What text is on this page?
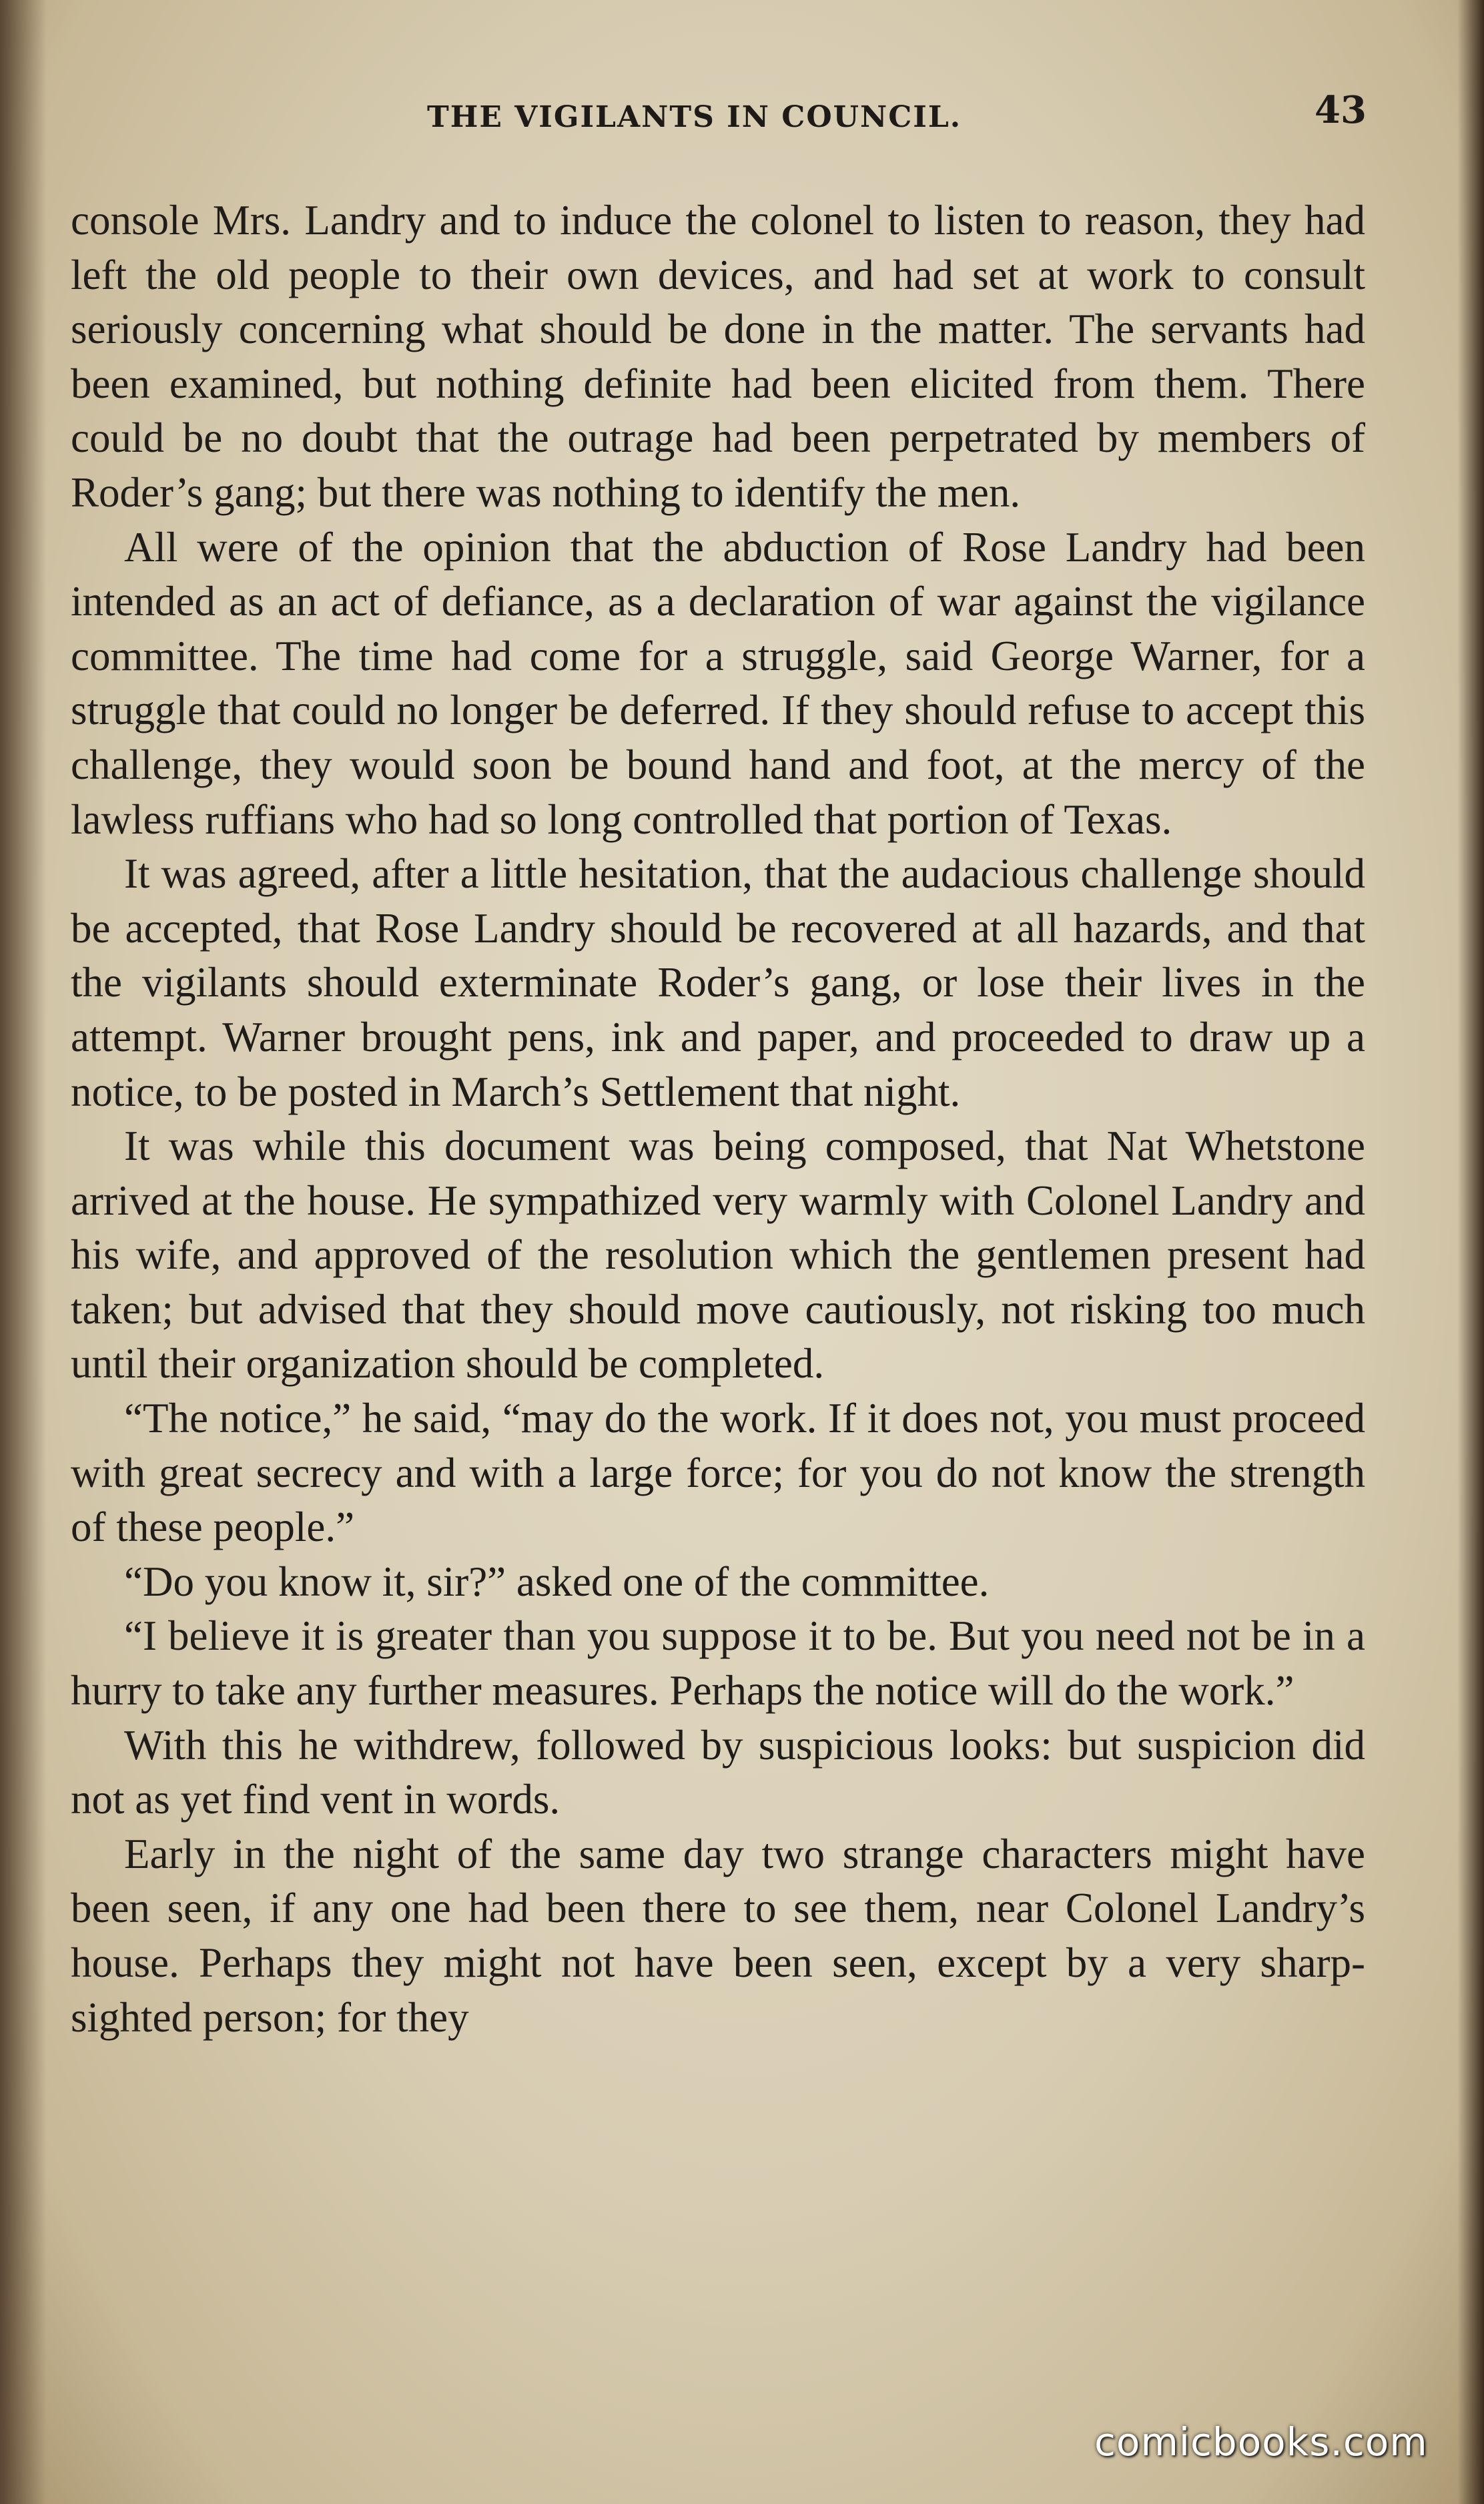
THE VIGILANTS IN COUNCIL.	43

console Mrs. Landry and to induce the colonel to listen to reason, they had left the old people to their own devices, and had set at work to consult seriously concerning what should be done in the matter. The servants had been examined, but nothing definite had been elicited from them. There could be no doubt that the outrage had been perpetrated by members of Roder’s gang; but there was nothing to identify the men.

All were of the opinion that the abduction of Rose Landry had been intended as an act of defiance, as a declaration of war against the vigilance committee. The time had come for a struggle, said George Warner, for a struggle that could no longer be deferred. If they should refuse to accept this challenge, they would soon be bound hand and foot, at the mercy of the lawless ruffians who had so long controlled that portion of Texas.

It was agreed, after a little hesitation, that the audacious challenge should be accepted, that Rose Landry should be recovered at all hazards, and that the vigilants should exterminate Roder’s gang, or lose their lives in the attempt. Warner brought pens, ink and paper, and proceeded to draw up a notice, to be posted in March’s Settlement that night.

It was while this document was being composed, that Nat Whetstone arrived at the house. He sympathized very warmly with Colonel Landry and his wife, and approved of the resolution which the gentlemen present had taken; but advised that they should move cautiously, not risking too much until their organization should be completed.

“The notice,” he said, “may do the work. If it does not, you must proceed with great secrecy and with a large force; for you do not know the strength of these people.”

“Do you know it, sir?” asked one of the committee.

“I believe it is greater than you suppose it to be. But you need not be in a hurry to take any further measures. Perhaps the notice will do the work.”

With this he withdrew, followed by suspicious looks: but suspicion did not as yet find vent in words.

Early in the night of the same day two strange characters might have been seen, if any one had been there to see them, near Colonel Landry’s house. Perhaps they might not have been seen, except by a very sharp-sighted person; for they

comicbooks.com
